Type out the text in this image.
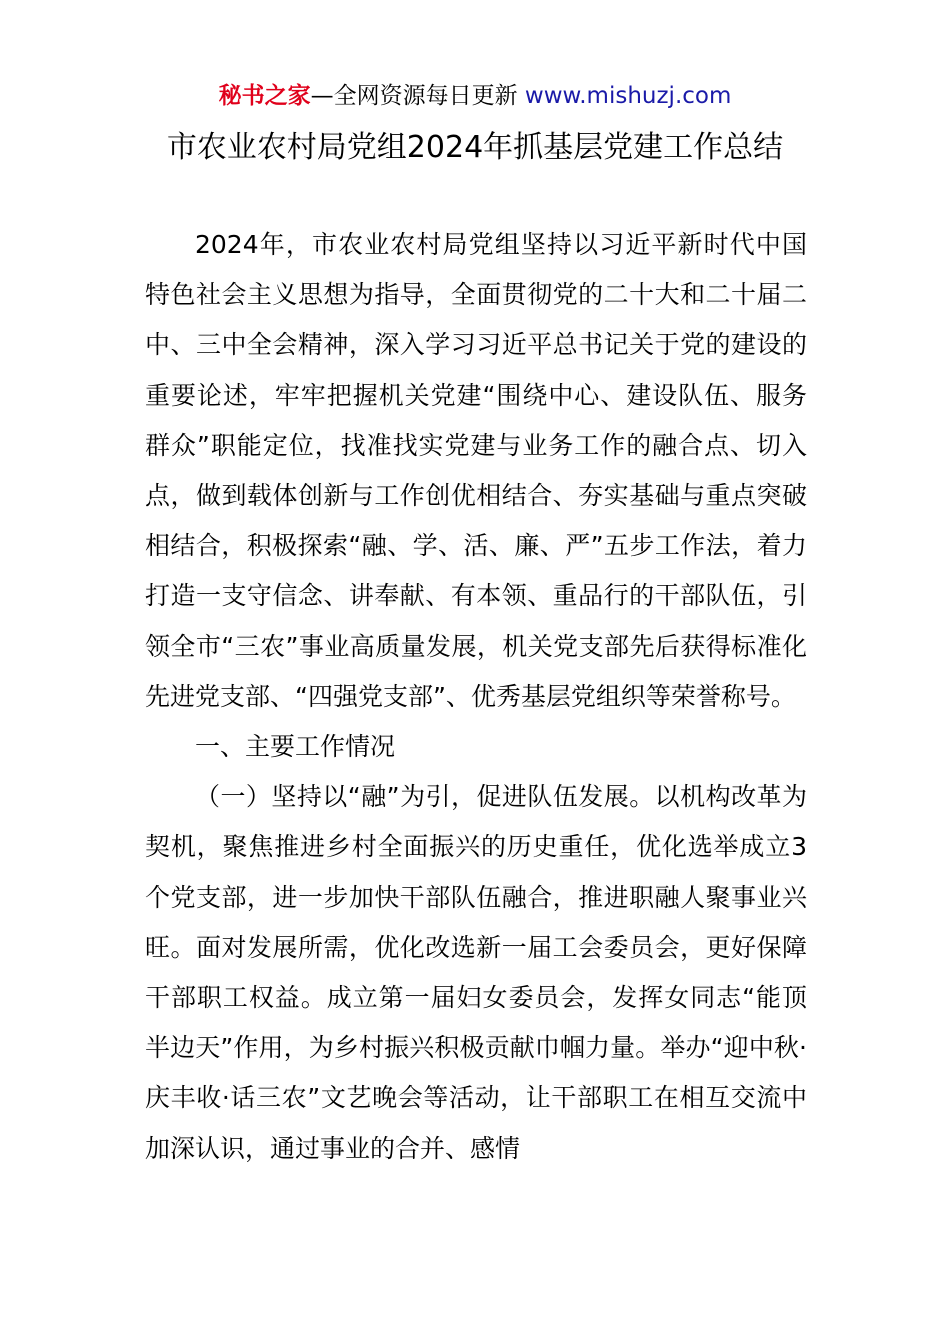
秘书之家—全网资源每日更新 www.mishuzj.com
市农业农村局党组2024年抓基层党建工作总结

2024年，市农业农村局党组坚持以习近平新时代中国特色社会主义思想为指导，全面贯彻党的二十大和二十届二中、三中全会精神，深入学习习近平总书记关于党的建设的重要论述，牢牢把握机关党建“围绕中心、建设队伍、服务群众”职能定位，找准找实党建与业务工作的融合点、切入点，做到载体创新与工作创优相结合、夯实基础与重点突破相结合，积极探索“融、学、活、廉、严”五步工作法，着力打造一支守信念、讲奉献、有本领、重品行的干部队伍，引领全市“三农”事业高质量发展，机关党支部先后获得标准化先进党支部、“四强党支部”、优秀基层党组织等荣誉称号。

一、主要工作情况

（一）坚持以“融”为引，促进队伍发展。以机构改革为契机，聚焦推进乡村全面振兴的历史重任，优化选举成立3个党支部，进一步加快干部队伍融合，推进职融人聚事业兴旺。面对发展所需，优化改选新一届工会委员会，更好保障干部职工权益。成立第一届妇女委员会，发挥女同志“能顶半边天”作用，为乡村振兴积极贡献巾帼力量。举办“迎中秋·庆丰收·话三农”文艺晚会等活动，让干部职工在相互交流中加深认识，通过事业的合并、感情
